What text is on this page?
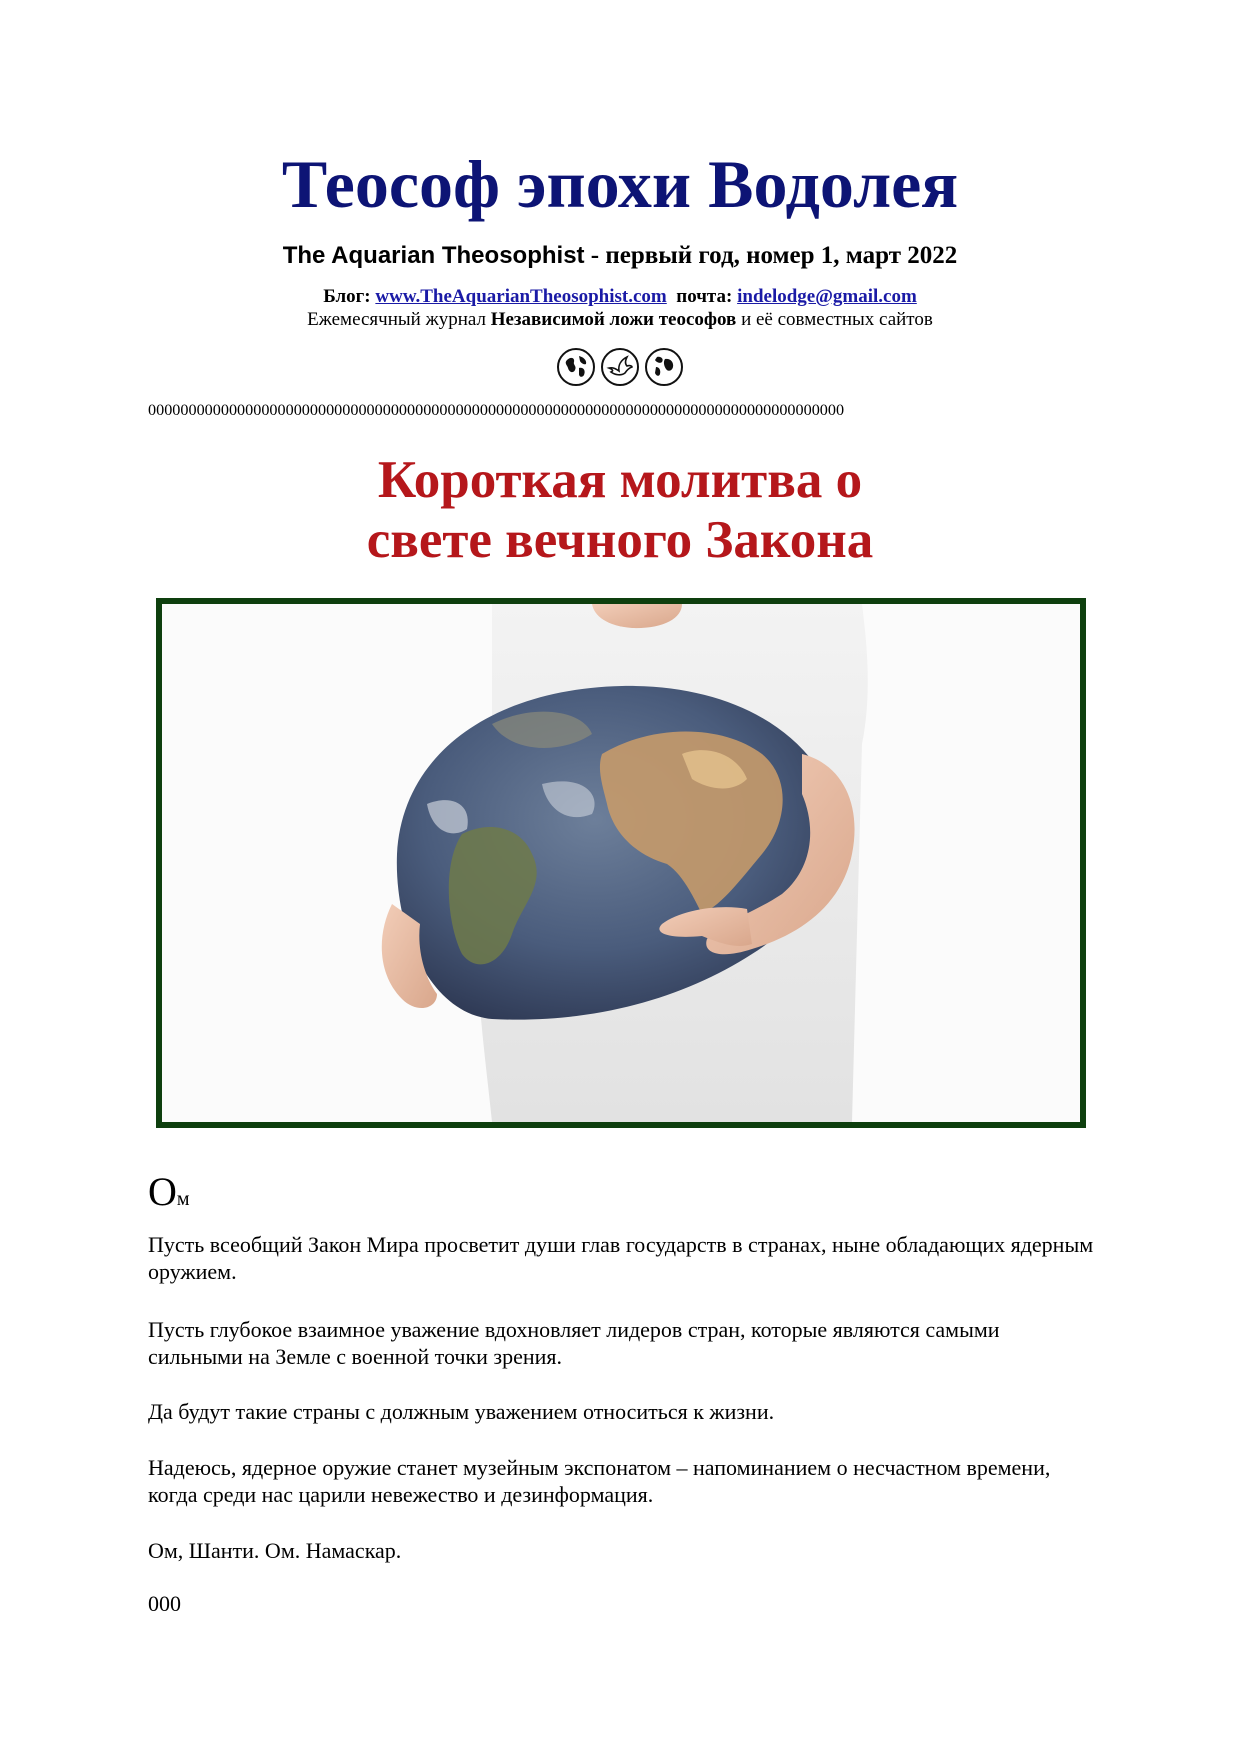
Теософ эпохи Водолея
The Aquarian Theosophist - первый год, номер 1, март 2022
Блог: www.TheAquarianTheosophist.com  почта: indelodge@gmail.com
Ежемесячный журнал Независимой ложи теософов и её совместных сайтов
00000000000000000000000000000000000000000000000000000000000000000000000000000000000000
Короткая молитва о
свете вечного Закона
Ом

Пусть всеобщий Закон Мира просветит души глав государств в странах, ныне обладающих ядерным оружием.

Пусть глубокое взаимное уважение вдохновляет лидеров стран, которые являются самыми сильными на Земле с военной точки зрения.

Да будут такие страны с должным уважением относиться к жизни.

Надеюсь, ядерное оружие станет музейным экспонатом – напоминанием о несчастном времени, когда среди нас царили невежество и дезинформация.

Ом, Шанти. Ом. Намаскар.

000
